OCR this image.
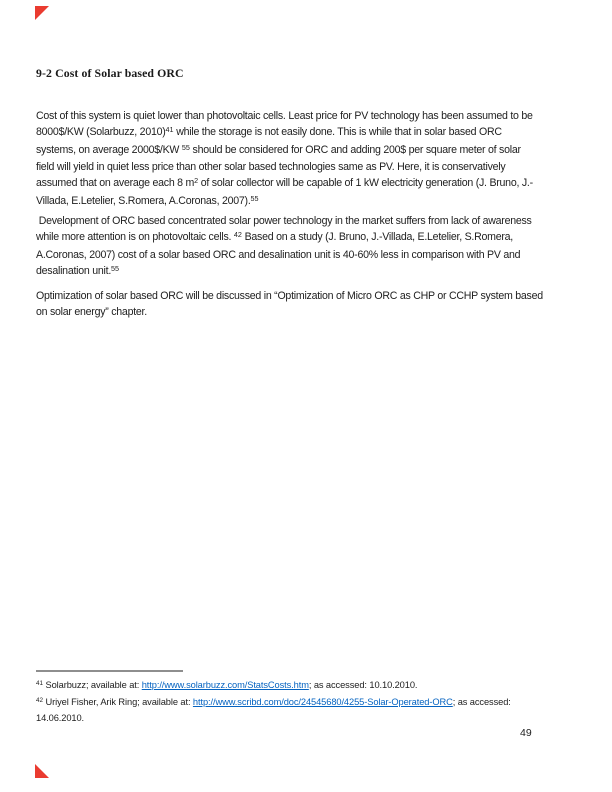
9-2 Cost of Solar based ORC
Cost of this system is quiet lower than photovoltaic cells. Least price for PV technology has been assumed to be
8000$/KW (Solarbuzz, 2010)$^{41}$ while the storage is not easily done. This is while that in solar based ORC
systems, on average 2000$/KW $^{55}$ should be considered for ORC and adding 200$ per square meter of solar
field will yield in quiet less price than other solar based technologies same as PV. Here, it is conservatively
assumed that on average each 8 $m^2$ of solar collector will be capable of 1 kW electricity generation (J. Bruno, J.-
Villada, E.Letelier, S.Romera, A.Coronas, 2007).$^{55}$
Development of ORC based concentrated solar power technology in the market suffers from lack of awareness
while more attention is on photovoltaic cells. $^{42}$ Based on a study (J. Bruno, J.-Villada, E.Letelier, S.Romera,
A.Coronas, 2007) cost of a solar based ORC and desalination unit is 40-60% less in comparison with PV and
desalination unit.$^{55}$
Optimization of solar based ORC will be discussed in “Optimization of Micro ORC as CHP or CCHP system based
on solar energy” chapter.
$^{41}$ Solarbuzz; available at: http://www.solarbuzz.com/StatsCosts.htm; as accessed: 10.10.2010.
$^{42}$ Uriyel Fisher, Arik Ring; available at: http://www.scribd.com/doc/24545680/4255-Solar-Operated-ORC; as accessed:
14.06.2010.
49
